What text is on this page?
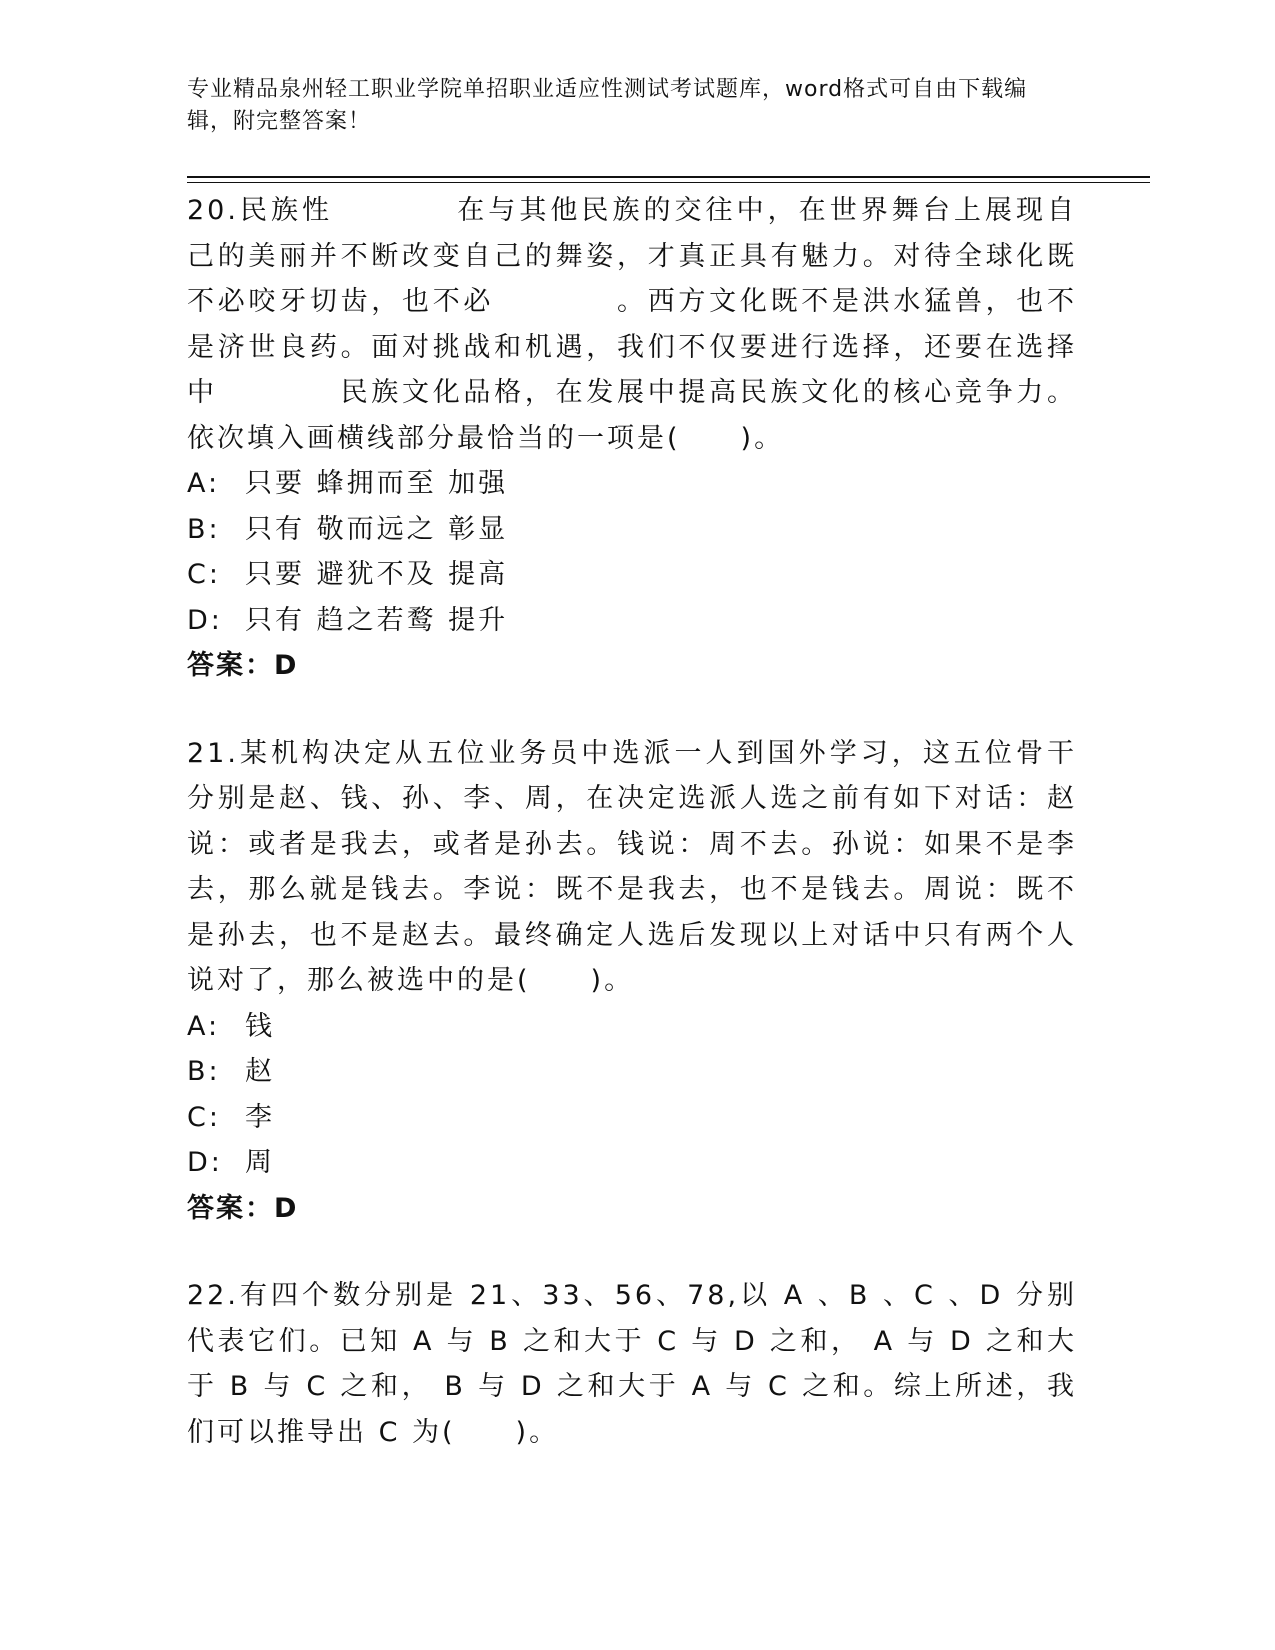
专业精品泉州轻工职业学院单招职业适应性测试考试题库，word格式可自由下载编辑，附完整答案！
20.民族性　　　　在与其他民族的交往中，在世界舞台上展现自己的美丽并不断改变自己的舞姿，才真正具有魅力。对待全球化既不必咬牙切齿，也不必　　　　。西方文化既不是洪水猛兽，也不是济世良药。面对挑战和机遇，我们不仅要进行选择，还要在选择中　　　　民族文化品格，在发展中提高民族文化的核心竞争力。依次填入画横线部分最恰当的一项是(　　)。
A: 只要 蜂拥而至 加强
B: 只有 敬而远之 彰显
C: 只要 避犹不及 提高
D: 只有 趋之若鹜 提升
答案：D
21.某机构决定从五位业务员中选派一人到国外学习，这五位骨干分别是赵、钱、孙、李、周，在决定选派人选之前有如下对话：赵说：或者是我去，或者是孙去。钱说：周不去。孙说：如果不是李去，那么就是钱去。李说：既不是我去，也不是钱去。周说：既不是孙去，也不是赵去。最终确定人选后发现以上对话中只有两个人说对了，那么被选中的是(　　)。
A: 钱
B: 赵
C: 李
D: 周
答案：D
22.有四个数分别是 21、33、56、78,以 A 、B 、C 、D 分别代表它们。已知 A 与 B 之和大于 C 与 D 之和， A 与 D 之和大于 B 与 C 之和， B 与 D 之和大于 A 与 C 之和。综上所述，我们可以推导出 C 为(　　)。
